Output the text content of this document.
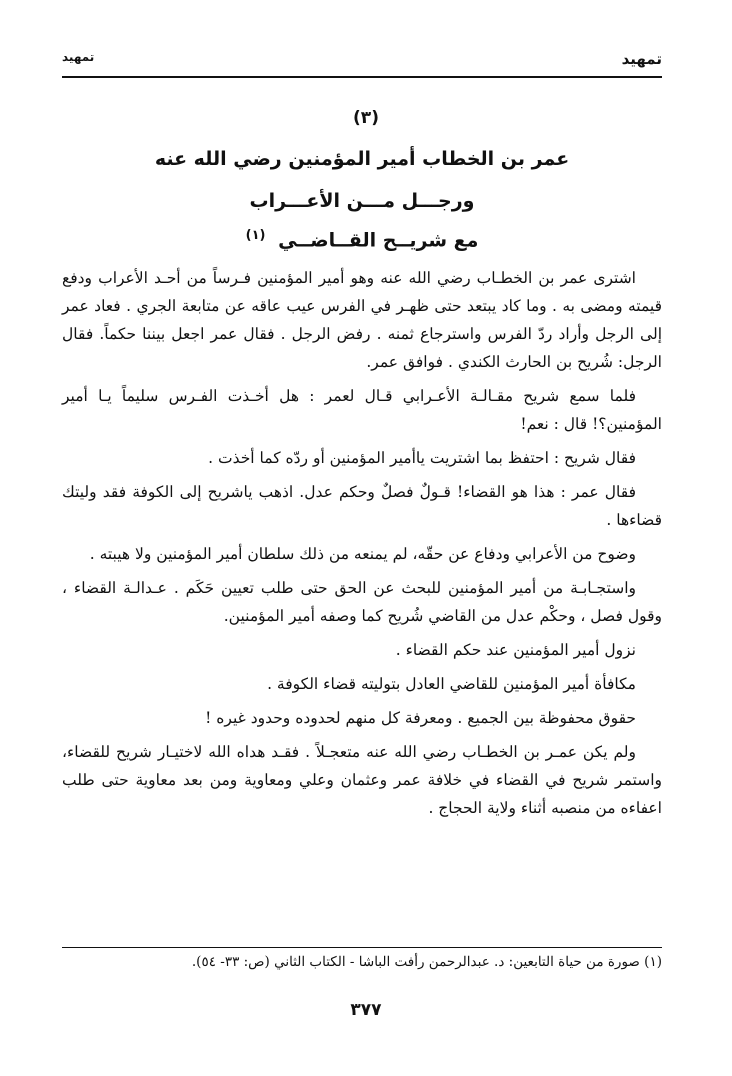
تمهيد
تمهيد
(٣)
عمر بن الخطاب أمير المؤمنين رضي الله عنه
ورجـــل مـــن الأعـــراب
مع شريــح القــاضــي $^{(١)}$

اشترى عمر بن الخطـاب رضي الله عنه وهو أمير المؤمنين فـرساً من أحـد الأعراب ودفع قيمته ومضى به . وما كاد يبتعد حتى ظهـر في الفرس عيب عاقه عن متابعة الجري . فعاد عمر إلى الرجل وأراد ردّ الفرس واسترجاع ثمنه . رفض الرجل . فقال عمر اجعل بيننا حكماً. فقال الرجل: شُريح بن الحارث الكندي . فوافق عمر.

فلما سمع شريح مقـالـة الأعـرابي قـال لعمر : هل أخـذت الفـرس سليماً يـا أمير المؤمنين؟! قال : نعم!

فقال شريح : احتفظ بما اشتريت ياأمير المؤمنين أو ردّه كما أخذت .

فقال عمر : هذا هو القضاء! قـولٌ فصلٌ وحكم عدل. اذهب ياشريح إلى الكوفة فقد وليتك قضاءها .

وضوح من الأعرابي ودفاع عن حقّه، لم يمنعه من ذلك سلطان أمير المؤمنين ولا هيبته .

واستجـابـة من أمير المؤمنين للبحث عن الحق حتى طلب تعيين حَكَم . عـدالـة القضاء ، وقول فصل ، وحكْم عدل من القاضي شُريح كما وصفه أمير المؤمنين.

نزول أمير المؤمنين عند حكم القضاء .

مكافأة أمير المؤمنين للقاضي العادل بتوليته قضاء الكوفة .

حقوق محفوظة بين الجميع . ومعرفة كل منهم لحدوده وحدود غيره !

ولم يكن عمـر بن الخطـاب رضي الله عنه متعجـلاً . فقـد هداه الله لاختيـار شريح للقضاء، واستمر شريح في القضاء في خلافة عمر وعثمان وعلي ومعاوية ومن بعد معاوية حتى طلب اعفاءه من منصبه أثناء ولاية الحجاج .

(١) صورة من حياة التابعين: د. عبدالرحمن رأفت الباشا - الكتاب الثاني (ص: ٣٣- ٥٤).
٣٧٧
